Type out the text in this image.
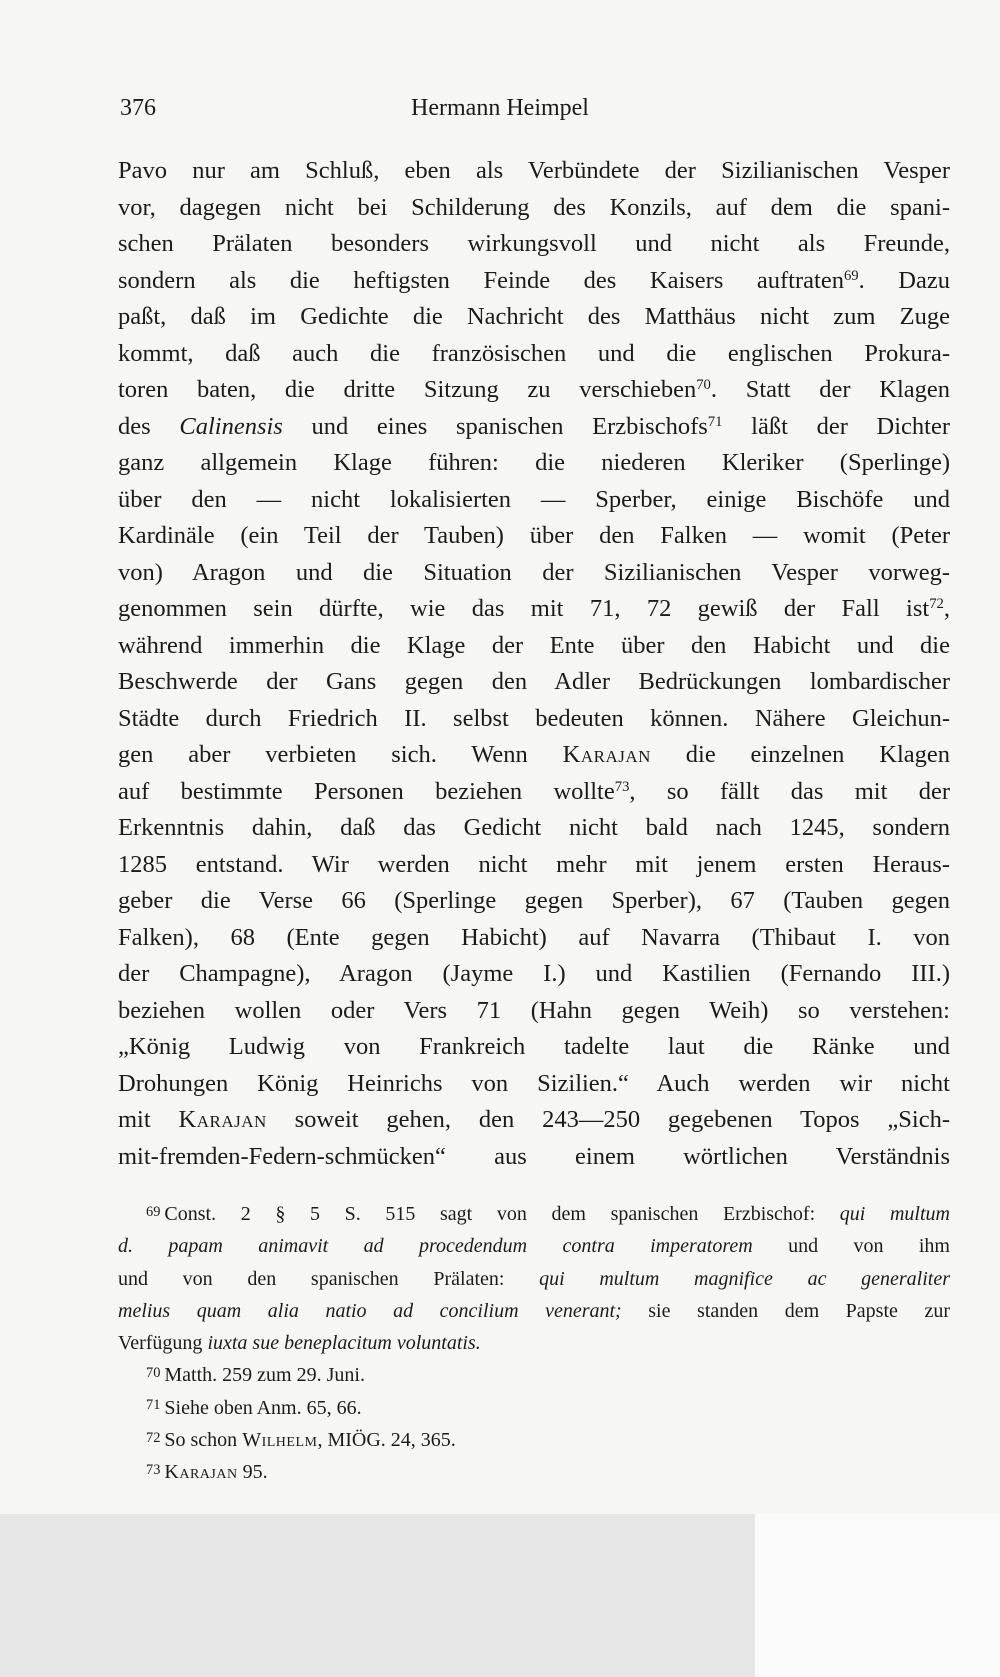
376	Hermann Heimpel
Pavo nur am Schluß, eben als Verbündete der Sizilianischen Vesper
vor, dagegen nicht bei Schilderung des Konzils, auf dem die spani-
schen Prälaten besonders wirkungsvoll und nicht als Freunde,
sondern als die heftigsten Feinde des Kaisers auftraten$^{69}$. Dazu
paßt, daß im Gedichte die Nachricht des Matthäus nicht zum Zuge
kommt, daß auch die französischen und die englischen Prokura-
toren baten, die dritte Sitzung zu verschieben$^{70}$. Statt der Klagen
des Calinensis und eines spanischen Erzbischofs$^{71}$ läßt der Dichter
ganz allgemein Klage führen: die niederen Kleriker (Sperlinge)
über den — nicht lokalisierten — Sperber, einige Bischöfe und
Kardinäle (ein Teil der Tauben) über den Falken — womit (Peter
von) Aragon und die Situation der Sizilianischen Vesper vorweg-
genommen sein dürfte, wie das mit 71, 72 gewiß der Fall ist$^{72}$,
während immerhin die Klage der Ente über den Habicht und die
Beschwerde der Gans gegen den Adler Bedrückungen lombardischer
Städte durch Friedrich II. selbst bedeuten können. Nähere Gleichun-
gen aber verbieten sich. Wenn Karajan die einzelnen Klagen
auf bestimmte Personen beziehen wollte$^{73}$, so fällt das mit der
Erkenntnis dahin, daß das Gedicht nicht bald nach 1245, sondern
1285 entstand. Wir werden nicht mehr mit jenem ersten Heraus-
geber die Verse 66 (Sperlinge gegen Sperber), 67 (Tauben gegen
Falken), 68 (Ente gegen Habicht) auf Navarra (Thibaut I. von
der Champagne), Aragon (Jayme I.) und Kastilien (Fernando III.)
beziehen wollen oder Vers 71 (Hahn gegen Weih) so verstehen:
„König Ludwig von Frankreich tadelte laut die Ränke und
Drohungen König Heinrichs von Sizilien.“ Auch werden wir nicht
mit Karajan soweit gehen, den 243—250 gegebenen Topos „Sich-
mit-fremden-Federn-schmücken“ aus einem wörtlichen Verständnis
$^{69}$ Const. 2 § 5 S. 515 sagt von dem spanischen Erzbischof: qui multum
d. papam animavit ad procedendum contra imperatorem und von ihm
und von den spanischen Prälaten: qui multum magnifice ac generaliter
melius quam alia natio ad concilium venerant; sie standen dem Papste zur
Verfügung iuxta sue beneplacitum voluntatis.
$^{70}$ Matth. 259 zum 29. Juni.
$^{71}$ Siehe oben Anm. 65, 66.
$^{72}$ So schon Wilhelm, MIÖG. 24, 365.
$^{73}$ Karajan 95.
